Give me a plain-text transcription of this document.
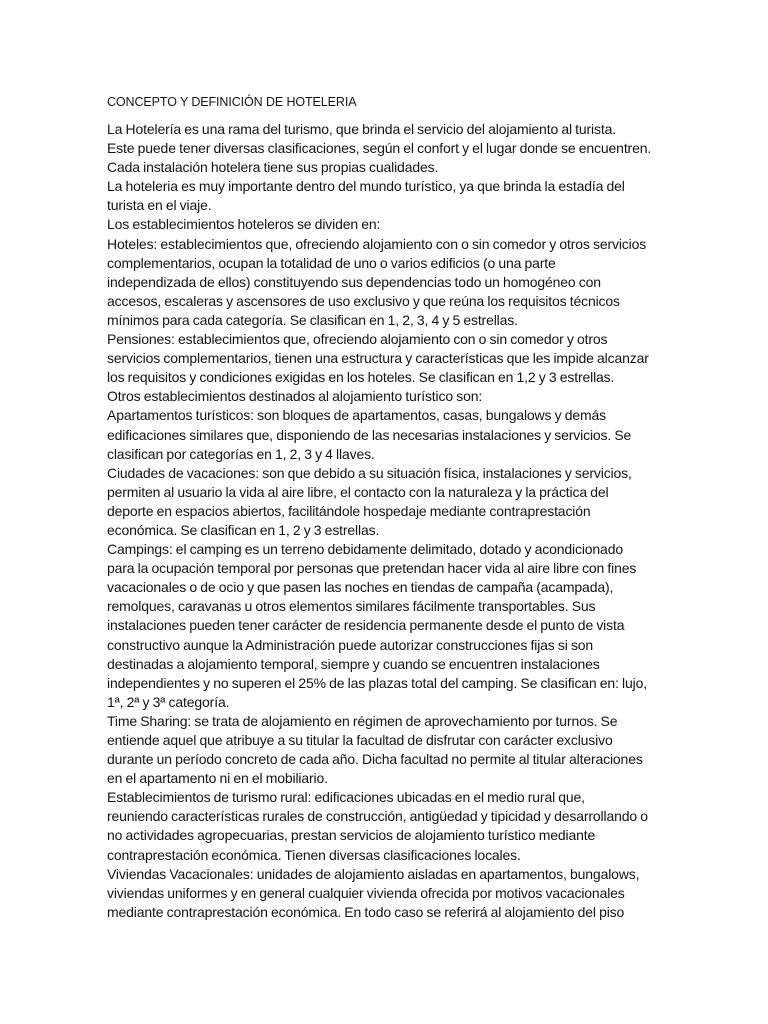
CONCEPTO Y DEFINICIÓN DE HOTELERIA
La Hotelería es una rama del turismo, que brinda el servicio del alojamiento al turista.
Este puede tener diversas clasificaciones, según el confort y el lugar donde se encuentren.
Cada instalación hotelera tiene sus propias cualidades.
La hoteleria es muy importante dentro del mundo turístico, ya que brinda la estadía del
turista en el viaje.
Los establecimientos hoteleros se dividen en:
Hoteles: establecimientos que, ofreciendo alojamiento con o sin comedor y otros servicios
complementarios, ocupan la totalidad de uno o varios edificios (o una parte
independizada de ellos) constituyendo sus dependencias todo un homogéneo con
accesos, escaleras y ascensores de uso exclusivo y que reúna los requisitos técnicos
mínimos para cada categoría. Se clasifican en 1, 2, 3, 4 y 5 estrellas.
Pensiones: establecimientos que, ofreciendo alojamiento con o sin comedor y otros
servicios complementarios, tienen una estructura y características que les impide alcanzar
los requisitos y condiciones exigidas en los hoteles. Se clasifican en 1,2 y 3 estrellas.
Otros establecimientos destinados al alojamiento turístico son:
Apartamentos turísticos: son bloques de apartamentos, casas, bungalows y demás
edificaciones similares que, disponiendo de las necesarias instalaciones y servicios. Se
clasifican por categorías en 1, 2, 3 y 4 llaves.
Ciudades de vacaciones: son que debido a su situación física, instalaciones y servicios,
permiten al usuario la vida al aire libre, el contacto con la naturaleza y la práctica del
deporte en espacios abiertos, facilitándole hospedaje mediante contraprestación
económica. Se clasifican en 1, 2 y 3 estrellas.
Campings: el camping es un terreno debidamente delimitado, dotado y acondicionado
para la ocupación temporal por personas que pretendan hacer vida al aire libre con fines
vacacionales o de ocio y que pasen las noches en tiendas de campaña (acampada),
remolques, caravanas u otros elementos similares fácilmente transportables. Sus
instalaciones pueden tener carácter de residencia permanente desde el punto de vista
constructivo aunque la Administración puede autorizar construcciones fijas si son
destinadas a alojamiento temporal, siempre y cuando se encuentren instalaciones
independientes y no superen el 25% de las plazas total del camping. Se clasifican en: lujo,
1ª, 2ª y 3ª categoría.
Time Sharing: se trata de alojamiento en régimen de aprovechamiento por turnos. Se
entiende aquel que atribuye a su titular la facultad de disfrutar con carácter exclusivo
durante un período concreto de cada año. Dicha facultad no permite al titular alteraciones
en el apartamento ni en el mobiliario.
Establecimientos de turismo rural: edificaciones ubicadas en el medio rural que,
reuniendo características rurales de construcción, antigüedad y tipicidad y desarrollando o
no actividades agropecuarias, prestan servicios de alojamiento turístico mediante
contraprestación económica. Tienen diversas clasificaciones locales.
Viviendas Vacacionales: unidades de alojamiento aisladas en apartamentos, bungalows,
viviendas uniformes y en general cualquier vivienda ofrecida por motivos vacacionales
mediante contraprestación económica. En todo caso se referirá al alojamiento del piso
